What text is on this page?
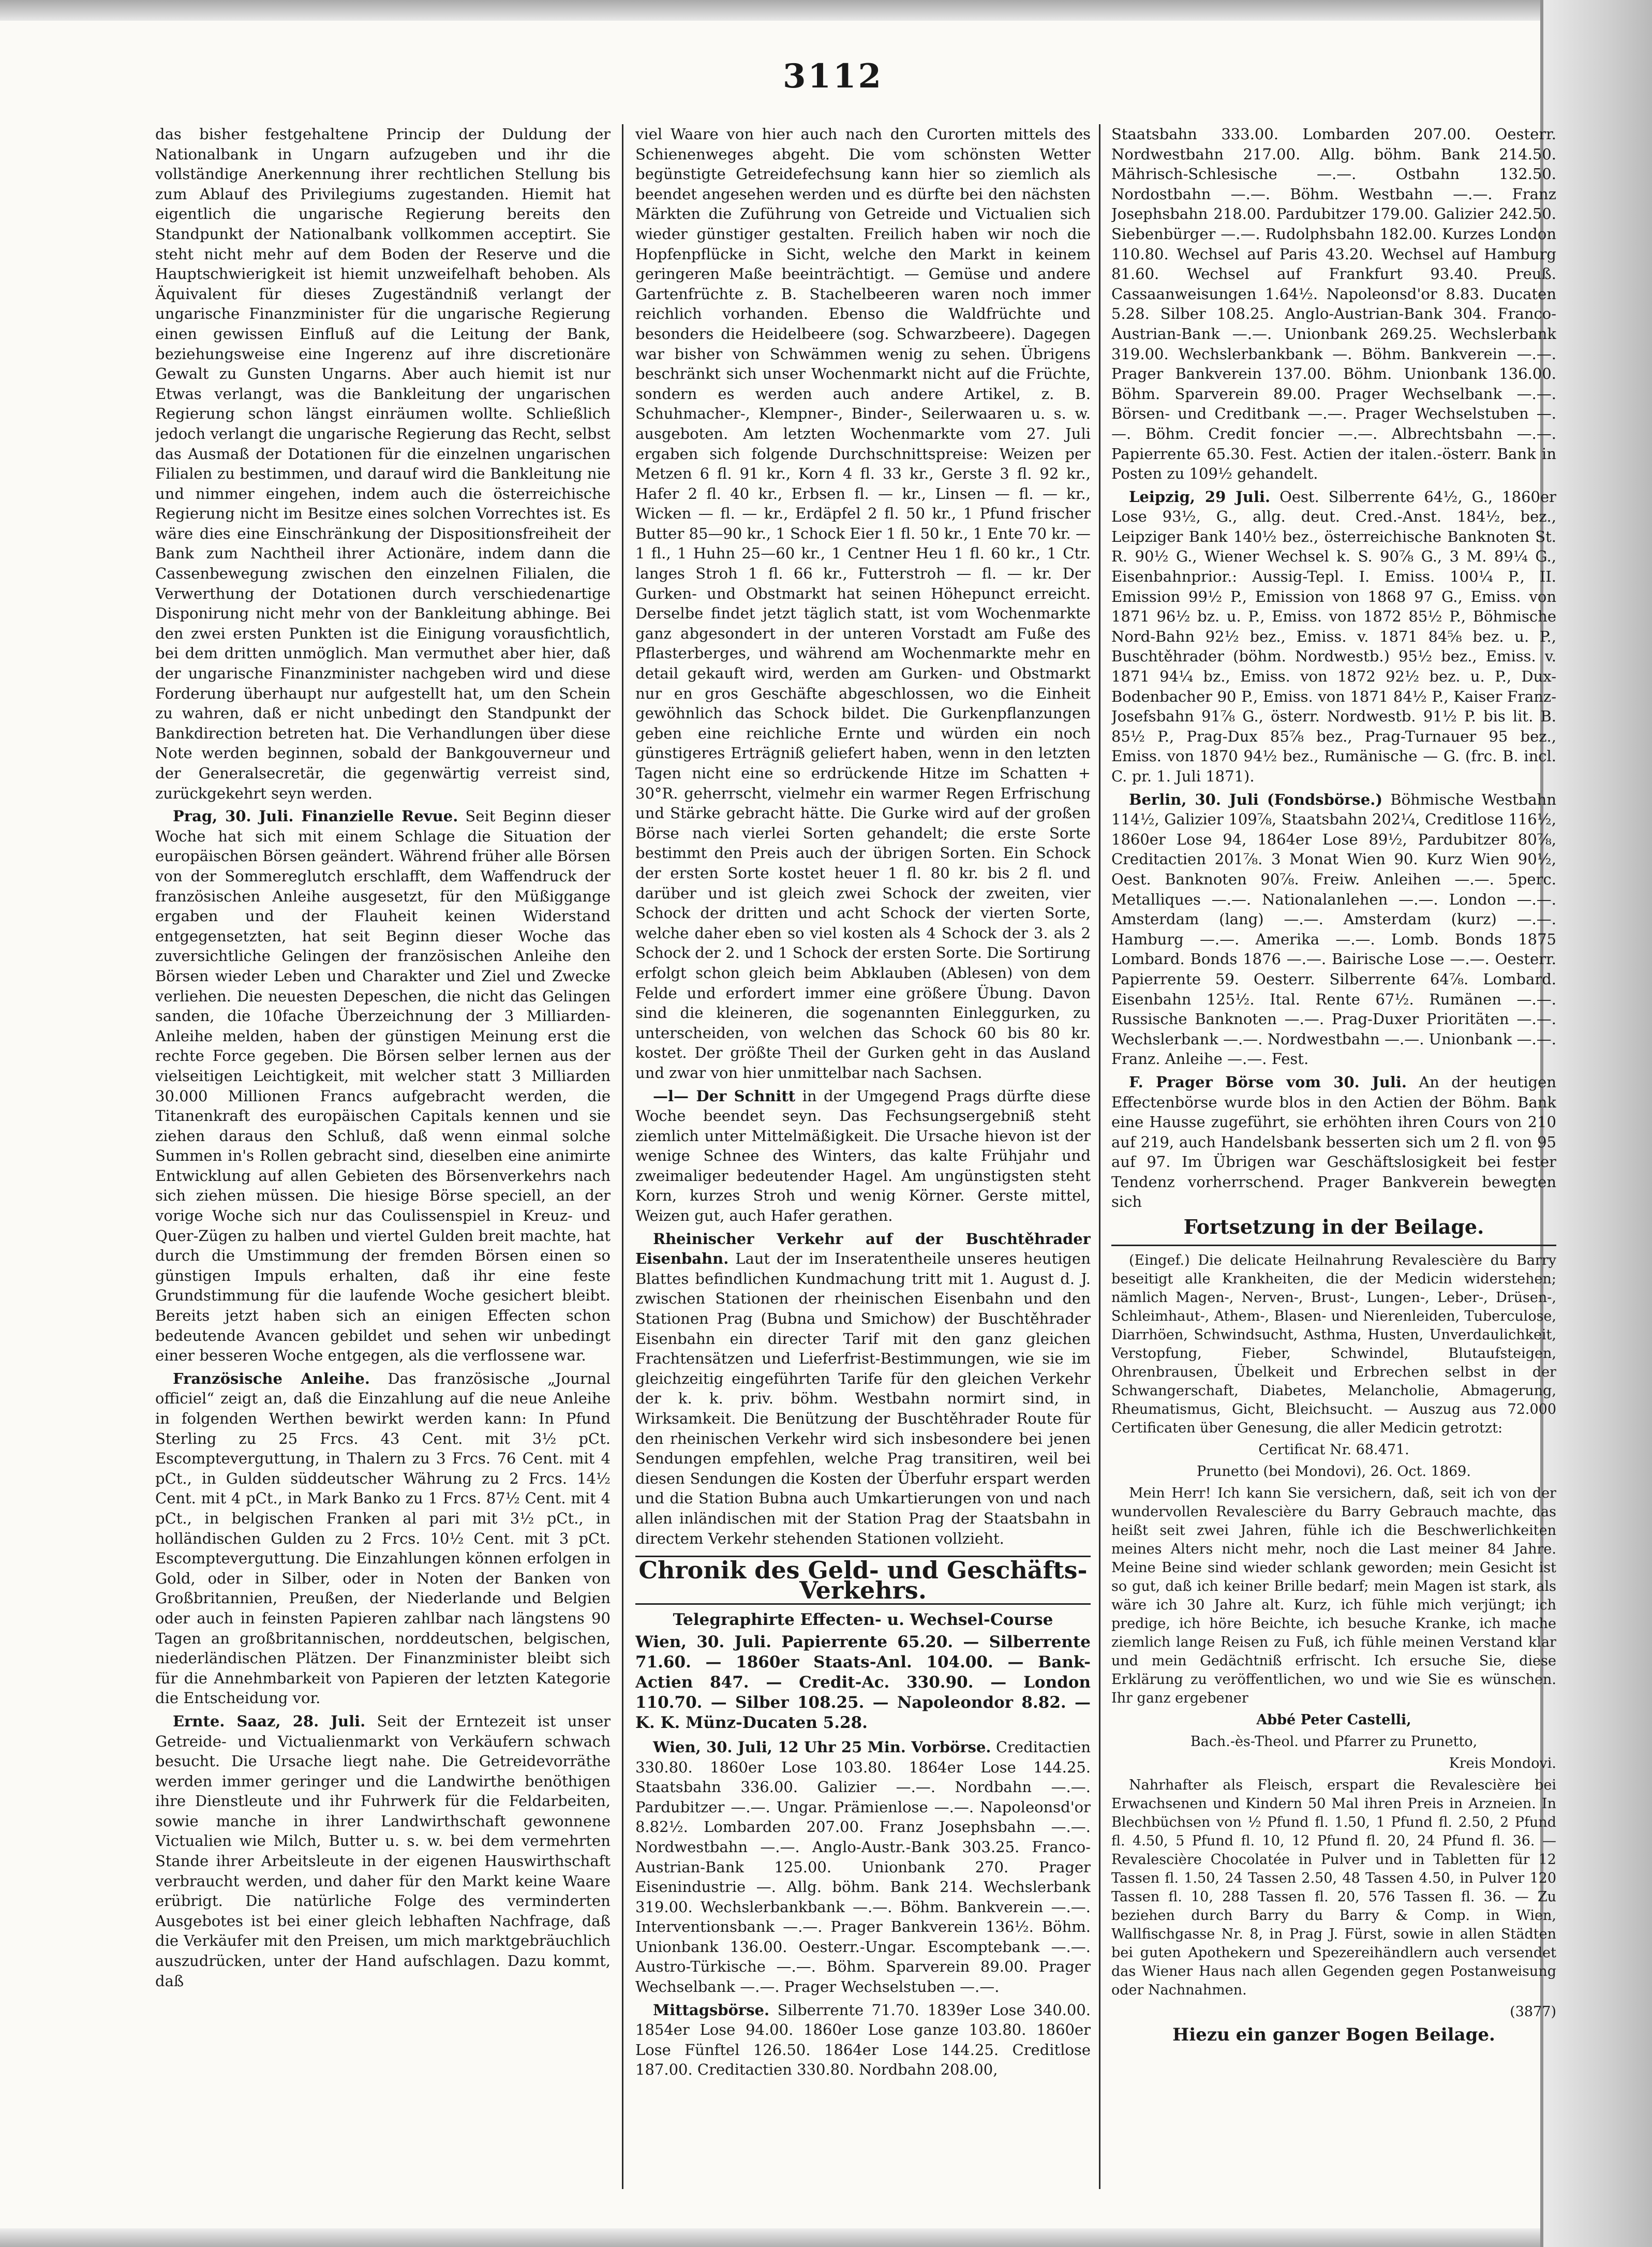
3112

das bisher festgehaltene Princip der Duldung der Nationalbank in Ungarn aufzugeben und ihr die vollständige Anerkennung ihrer rechtlichen Stellung bis zum Ablauf des Privilegiums zugestanden. Hiemit hat eigentlich die ungarische Regierung bereits den Standpunkt der Nationalbank vollkommen acceptirt. Sie steht nicht mehr auf dem Boden der Reserve und die Hauptschwierigkeit ist hiemit unzweifelhaft behoben. Als Äquivalent für dieses Zugeständniß verlangt der ungarische Finanzminister für die ungarische Regierung einen gewissen Einfluß auf die Leitung der Bank, beziehungsweise eine Ingerenz auf ihre discretionäre Gewalt zu Gunsten Ungarns. Aber auch hiemit ist nur Etwas verlangt, was die Bankleitung der ungarischen Regierung schon längst einräumen wollte. Schließlich jedoch verlangt die ungarische Regierung das Recht, selbst das Ausmaß der Dotationen für die einzelnen ungarischen Filialen zu bestimmen, und darauf wird die Bankleitung nie und nimmer eingehen, indem auch die österreichische Regierung nicht im Besitze eines solchen Vorrechtes ist. Es wäre dies eine Einschränkung der Dispositionsfreiheit der Bank zum Nachtheil ihrer Actionäre, indem dann die Cassenbewegung zwischen den einzelnen Filialen, die Verwerthung der Dotationen durch verschiedenartige Disponirung nicht mehr von der Bankleitung abhinge. Bei den zwei ersten Punkten ist die Einigung vorausfichtlich, bei dem dritten unmöglich. Man vermuthet aber hier, daß der ungarische Finanzminister nachgeben wird und diese Forderung überhaupt nur aufgestellt hat, um den Schein zu wahren, daß er nicht unbedingt den Standpunkt der Bankdirection betreten hat. Die Verhandlungen über diese Note werden beginnen, sobald der Bankgouverneur und der Generalsecretär, die gegenwärtig verreist sind, zurückgekehrt seyn werden.

Prag, 30. Juli. Finanzielle Revue. Seit Beginn dieser Woche hat sich mit einem Schlage die Situation der europäischen Börsen geändert. Während früher alle Börsen von der Sommereglutch erschlafft, dem Waffendruck der französischen Anleihe ausgesetzt, für den Müßiggange ergaben und der Flauheit keinen Widerstand entgegensetzten, hat seit Beginn dieser Woche das zuversichtliche Gelingen der französischen Anleihe den Börsen wieder Leben und Charakter und Ziel und Zwecke verliehen. Die neuesten Depeschen, die nicht das Gelingen sanden, die 10fache Überzeichnung der 3 Milliarden-Anleihe melden, haben der günstigen Meinung erst die rechte Force gegeben. Die Börsen selber lernen aus der vielseitigen Leichtigkeit, mit welcher statt 3 Milliarden 30.000 Millionen Francs aufgebracht werden, die Titanenkraft des europäischen Capitals kennen und sie ziehen daraus den Schluß, daß wenn einmal solche Summen in's Rollen gebracht sind, dieselben eine animirte Entwicklung auf allen Gebieten des Börsenverkehrs nach sich ziehen müssen. Die hiesige Börse speciell, an der vorige Woche sich nur das Coulissenspiel in Kreuz- und Quer-Zügen zu halben und viertel Gulden breit machte, hat durch die Umstimmung der fremden Börsen einen so günstigen Impuls erhalten, daß ihr eine feste Grundstimmung für die laufende Woche gesichert bleibt. Bereits jetzt haben sich an einigen Effecten schon bedeutende Avancen gebildet und sehen wir unbedingt einer besseren Woche entgegen, als die verflossene war.

Französische Anleihe. Das französische „Journal officiel“ zeigt an, daß die Einzahlung auf die neue Anleihe in folgenden Werthen bewirkt werden kann: In Pfund Sterling zu 25 Frcs. 43 Cent. mit 3½ pCt. Escompteverguttung, in Thalern zu 3 Frcs. 76 Cent. mit 4 pCt., in Gulden süddeutscher Währung zu 2 Frcs. 14½ Cent. mit 4 pCt., in Mark Banko zu 1 Frcs. 87½ Cent. mit 4 pCt., in belgischen Franken al pari mit 3½ pCt., in holländischen Gulden zu 2 Frcs. 10½ Cent. mit 3 pCt. Escompteverguttung. Die Einzahlungen können erfolgen in Gold, oder in Silber, oder in Noten der Banken von Großbritannien, Preußen, der Niederlande und Belgien oder auch in feinsten Papieren zahlbar nach längstens 90 Tagen an großbritannischen, norddeutschen, belgischen, niederländischen Plätzen. Der Finanzminister bleibt sich für die Annehmbarkeit von Papieren der letzten Kategorie die Entscheidung vor.

Ernte. Saaz, 28. Juli. Seit der Erntezeit ist unser Getreide- und Victualienmarkt von Verkäufern schwach besucht. Die Ursache liegt nahe. Die Getreidevorräthe werden immer geringer und die Landwirthe benöthigen ihre Dienstleute und ihr Fuhrwerk für die Feldarbeiten, sowie manche in ihrer Landwirthschaft gewonnene Victualien wie Milch, Butter u. s. w. bei dem vermehrten Stande ihrer Arbeitsleute in der eigenen Hauswirthschaft verbraucht werden, und daher für den Markt keine Waare erübrigt. Die natürliche Folge des verminderten Ausgebotes ist bei einer gleich lebhaften Nachfrage, daß die Verkäufer mit den Preisen, um mich marktgebräuchlich auszudrücken, unter der Hand aufschlagen. Dazu kommt, daß

viel Waare von hier auch nach den Curorten mittels des Schienenweges abgeht. Die vom schönsten Wetter begünstigte Getreidefechsung kann hier so ziemlich als beendet angesehen werden und es dürfte bei den nächsten Märkten die Zuführung von Getreide und Victualien sich wieder günstiger gestalten. Freilich haben wir noch die Hopfenpflücke in Sicht, welche den Markt in keinem geringeren Maße beeinträchtigt. — Gemüse und andere Gartenfrüchte z. B. Stachelbeeren waren noch immer reichlich vorhanden. Ebenso die Waldfrüchte und besonders die Heidelbeere (sog. Schwarzbeere). Dagegen war bisher von Schwämmen wenig zu sehen. Übrigens beschränkt sich unser Wochenmarkt nicht auf die Früchte, sondern es werden auch andere Artikel, z. B. Schuhmacher-, Klempner-, Binder-, Seilerwaaren u. s. w. ausgeboten. Am letzten Wochenmarkte vom 27. Juli ergaben sich folgende Durchschnittspreise: Weizen per Metzen 6 fl. 91 kr., Korn 4 fl. 33 kr., Gerste 3 fl. 92 kr., Hafer 2 fl. 40 kr., Erbsen fl. — kr., Linsen — fl. — kr., Wicken — fl. — kr., Erdäpfel 2 fl. 50 kr., 1 Pfund frischer Butter 85—90 kr., 1 Schock Eier 1 fl. 50 kr., 1 Ente 70 kr. — 1 fl., 1 Huhn 25—60 kr., 1 Centner Heu 1 fl. 60 kr., 1 Ctr. langes Stroh 1 fl. 66 kr., Futterstroh — fl. — kr. Der Gurken- und Obstmarkt hat seinen Höhepunct erreicht. Derselbe findet jetzt täglich statt, ist vom Wochenmarkte ganz abgesondert in der unteren Vorstadt am Fuße des Pflasterberges, und während am Wochenmarkte mehr en detail gekauft wird, werden am Gurken- und Obstmarkt nur en gros Geschäfte abgeschlossen, wo die Einheit gewöhnlich das Schock bildet. Die Gurkenpflanzungen geben eine reichliche Ernte und würden ein noch günstigeres Erträgniß geliefert haben, wenn in den letzten Tagen nicht eine so erdrückende Hitze im Schatten + 30°R. geherrscht, vielmehr ein warmer Regen Erfrischung und Stärke gebracht hätte. Die Gurke wird auf der großen Börse nach vierlei Sorten gehandelt; die erste Sorte bestimmt den Preis auch der übrigen Sorten. Ein Schock der ersten Sorte kostet heuer 1 fl. 80 kr. bis 2 fl. und darüber und ist gleich zwei Schock der zweiten, vier Schock der dritten und acht Schock der vierten Sorte, welche daher eben so viel kosten als 4 Schock der 3. als 2 Schock der 2. und 1 Schock der ersten Sorte. Die Sortirung erfolgt schon gleich beim Abklauben (Ablesen) von dem Felde und erfordert immer eine größere Übung. Davon sind die kleineren, die sogenannten Einleggurken, zu unterscheiden, von welchen das Schock 60 bis 80 kr. kostet. Der größte Theil der Gurken geht in das Ausland und zwar von hier unmittelbar nach Sachsen.

—l— Der Schnitt in der Umgegend Prags dürfte diese Woche beendet seyn. Das Fechsungsergebniß steht ziemlich unter Mittelmäßigkeit. Die Ursache hievon ist der wenige Schnee des Winters, das kalte Frühjahr und zweimaliger bedeutender Hagel. Am ungünstigsten steht Korn, kurzes Stroh und wenig Körner. Gerste mittel, Weizen gut, auch Hafer gerathen.

Rheinischer Verkehr auf der Buschtěhrader Eisenbahn. Laut der im Inseratentheile unseres heutigen Blattes befindlichen Kundmachung tritt mit 1. August d. J. zwischen Stationen der rheinischen Eisenbahn und den Stationen Prag (Bubna und Smichow) der Buschtěhrader Eisenbahn ein directer Tarif mit den ganz gleichen Frachtensätzen und Lieferfrist-Bestimmungen, wie sie im gleichzeitig eingeführten Tarife für den gleichen Verkehr der k. k. priv. böhm. Westbahn normirt sind, in Wirksamkeit. Die Benützung der Buschtěhrader Route für den rheinischen Verkehr wird sich insbesondere bei jenen Sendungen empfehlen, welche Prag transitiren, weil bei diesen Sendungen die Kosten der Überfuhr erspart werden und die Station Bubna auch Umkartierungen von und nach allen inländischen mit der Station Prag der Staatsbahn in directem Verkehr stehenden Stationen vollzieht.

Chronik des Geld- und Geschäfts-Verkehrs.
Telegraphirte Effecten- u. Wechsel-Course
Wien, 30. Juli. Papierrente 65.20. — Silberrente 71.60. — 1860er Staats-Anl. 104.00. — Bank-Actien 847. — Credit-Ac. 330.90. — London 110.70. — Silber 108.25. — Napoleondor 8.82. — K. K. Münz-Ducaten 5.28.

Wien, 30. Juli, 12 Uhr 25 Min. Vorbörse. Creditactien 330.80. 1860er Lose 103.80. 1864er Lose 144.25. Staatsbahn 336.00. Galizier —.—. Nordbahn —.—. Pardubitzer —.—. Ungar. Prämienlose —.—. Napoleonsd'or 8.82½. Lombarden 207.00. Franz Josephsbahn —.—. Nordwestbahn —.—. Anglo-Austr.-Bank 303.25. Franco-Austrian-Bank 125.00. Unionbank 270. Prager Eisenindustrie —. Allg. böhm. Bank 214. Wechslerbank 319.00. Wechslerbankbank —.—. Böhm. Bankverein —.—. Interventionsbank —.—. Prager Bankverein 136½. Böhm. Unionbank 136.00. Oesterr.-Ungar. Escomptebank —.—. Austro-Türkische —.—. Böhm. Sparverein 89.00. Prager Wechselbank —.—. Prager Wechselstuben —.—.

Mittagsbörse. Silberrente 71.70. 1839er Lose 340.00. 1854er Lose 94.00. 1860er Lose ganze 103.80. 1860er Lose Fünftel 126.50. 1864er Lose 144.25. Creditlose 187.00. Creditactien 330.80. Nordbahn 208.00,

Staatsbahn 333.00. Lombarden 207.00. Oesterr. Nordwestbahn 217.00. Allg. böhm. Bank 214.50. Mährisch-Schlesische —.—. Ostbahn 132.50. Nordostbahn —.—. Böhm. Westbahn —.—. Franz Josephsbahn 218.00. Pardubitzer 179.00. Galizier 242.50. Siebenbürger —.—. Rudolphsbahn 182.00. Kurzes London 110.80. Wechsel auf Paris 43.20. Wechsel auf Hamburg 81.60. Wechsel auf Frankfurt 93.40. Preuß. Cassaanweisungen 1.64½. Napoleonsd'or 8.83. Ducaten 5.28. Silber 108.25. Anglo-Austrian-Bank 304. Franco-Austrian-Bank —.—. Unionbank 269.25. Wechslerbank 319.00. Wechslerbankbank —. Böhm. Bankverein —.—. Prager Bankverein 137.00. Böhm. Unionbank 136.00. Böhm. Sparverein 89.00. Prager Wechselbank —.—. Börsen- und Creditbank —.—. Prager Wechselstuben —.—. Böhm. Credit foncier —.—. Albrechtsbahn —.—. Papierrente 65.30. Fest. Actien der italen.-österr. Bank in Posten zu 109½ gehandelt.

Leipzig, 29 Juli. Oest. Silberrente 64½, G., 1860er Lose 93½, G., allg. deut. Cred.-Anst. 184½, bez., Leipziger Bank 140½ bez., österreichische Banknoten St. R. 90½ G., Wiener Wechsel k. S. 90⅞ G., 3 M. 89¼ G., Eisenbahnprior.: Aussig-Tepl. I. Emiss. 100¼ P., II. Emission 99½ P., Emission von 1868 97 G., Emiss. von 1871 96½ bz. u. P., Emiss. von 1872 85½ P., Böhmische Nord-Bahn 92½ bez., Emiss. v. 1871 84⅝ bez. u. P., Buschtěhrader (böhm. Nordwestb.) 95½ bez., Emiss. v. 1871 94¼ bz., Emiss. von 1872 92½ bez. u. P., Dux-Bodenbacher 90 P., Emiss. von 1871 84½ P., Kaiser Franz-Josefsbahn 91⅞ G., österr. Nordwestb. 91½ P. bis lit. B. 85½ P., Prag-Dux 85⅞ bez., Prag-Turnauer 95 bez., Emiss. von 1870 94½ bez., Rumänische — G. (frc. B. incl. C. pr. 1. Juli 1871).

Berlin, 30. Juli (Fondsbörse.) Böhmische Westbahn 114½, Galizier 109⅞, Staatsbahn 202¼, Creditlose 116½, 1860er Lose 94, 1864er Lose 89½, Pardubitzer 80⅞, Creditactien 201⅞. 3 Monat Wien 90. Kurz Wien 90½, Oest. Banknoten 90⅞. Freiw. Anleihen —.—. 5perc. Metalliques —.—. Nationalanlehen —.—. London —.—. Amsterdam (lang) —.—. Amsterdam (kurz) —.—. Hamburg —.—. Amerika —.—. Lomb. Bonds 1875 Lombard. Bonds 1876 —.—. Bairische Lose —.—. Oesterr. Papierrente 59. Oesterr. Silberrente 64⅞. Lombard. Eisenbahn 125½. Ital. Rente 67½. Rumänen —.—. Russische Banknoten —.—. Prag-Duxer Prioritäten —.—. Wechslerbank —.—. Nordwestbahn —.—. Unionbank —.—. Franz. Anleihe —.—. Fest.

F. Prager Börse vom 30. Juli. An der heutigen Effectenbörse wurde blos in den Actien der Böhm. Bank eine Hausse zugeführt, sie erhöhten ihren Cours von 210 auf 219, auch Handelsbank besserten sich um 2 fl. von 95 auf 97. Im Übrigen war Geschäftslosigkeit bei fester Tendenz vorherrschend. Prager Bankverein bewegten sich

Fortsetzung in der Beilage.

(Eingef.) Die delicate Heilnahrung Revalescière du Barry beseitigt alle Krankheiten, die der Medicin widerstehen; nämlich Magen-, Nerven-, Brust-, Lungen-, Leber-, Drüsen-, Schleimhaut-, Athem-, Blasen- und Nierenleiden, Tuberculose, Diarrhöen, Schwindsucht, Asthma, Husten, Unverdaulichkeit, Verstopfung, Fieber, Schwindel, Blutaufsteigen, Ohrenbrausen, Übelkeit und Erbrechen selbst in der Schwangerschaft, Diabetes, Melancholie, Abmagerung, Rheumatismus, Gicht, Bleichsucht. — Auszug aus 72.000 Certificaten über Genesung, die aller Medicin getrotzt:

Certificat Nr. 68.471.

Prunetto (bei Mondovi), 26. Oct. 1869.

Mein Herr! Ich kann Sie versichern, daß, seit ich von der wundervollen Revalescière du Barry Gebrauch machte, das heißt seit zwei Jahren, fühle ich die Beschwerlichkeiten meines Alters nicht mehr, noch die Last meiner 84 Jahre. Meine Beine sind wieder schlank geworden; mein Gesicht ist so gut, daß ich keiner Brille bedarf; mein Magen ist stark, als wäre ich 30 Jahre alt. Kurz, ich fühle mich verjüngt; ich predige, ich höre Beichte, ich besuche Kranke, ich mache ziemlich lange Reisen zu Fuß, ich fühle meinen Verstand klar und mein Gedächtniß erfrischt. Ich ersuche Sie, diese Erklärung zu veröffentlichen, wo und wie Sie es wünschen. Ihr ganz ergebener

Abbé Peter Castelli,

Bach.-ès-Theol. und Pfarrer zu Prunetto,

Kreis Mondovi.

Nahrhafter als Fleisch, erspart die Revalescière bei Erwachsenen und Kindern 50 Mal ihren Preis in Arzneien. In Blechbüchsen von ½ Pfund fl. 1.50, 1 Pfund fl. 2.50, 2 Pfund fl. 4.50, 5 Pfund fl. 10, 12 Pfund fl. 20, 24 Pfund fl. 36. — Revalescière Chocolatée in Pulver und in Tabletten für 12 Tassen fl. 1.50, 24 Tassen 2.50, 48 Tassen 4.50, in Pulver 120 Tassen fl. 10, 288 Tassen fl. 20, 576 Tassen fl. 36. — Zu beziehen durch Barry du Barry & Comp. in Wien, Wallfischgasse Nr. 8, in Prag J. Fürst, sowie in allen Städten bei guten Apothekern und Spezereihändlern auch versendet das Wiener Haus nach allen Gegenden gegen Postanweisung oder Nachnahmen.

(3877)

Hiezu ein ganzer Bogen Beilage.
